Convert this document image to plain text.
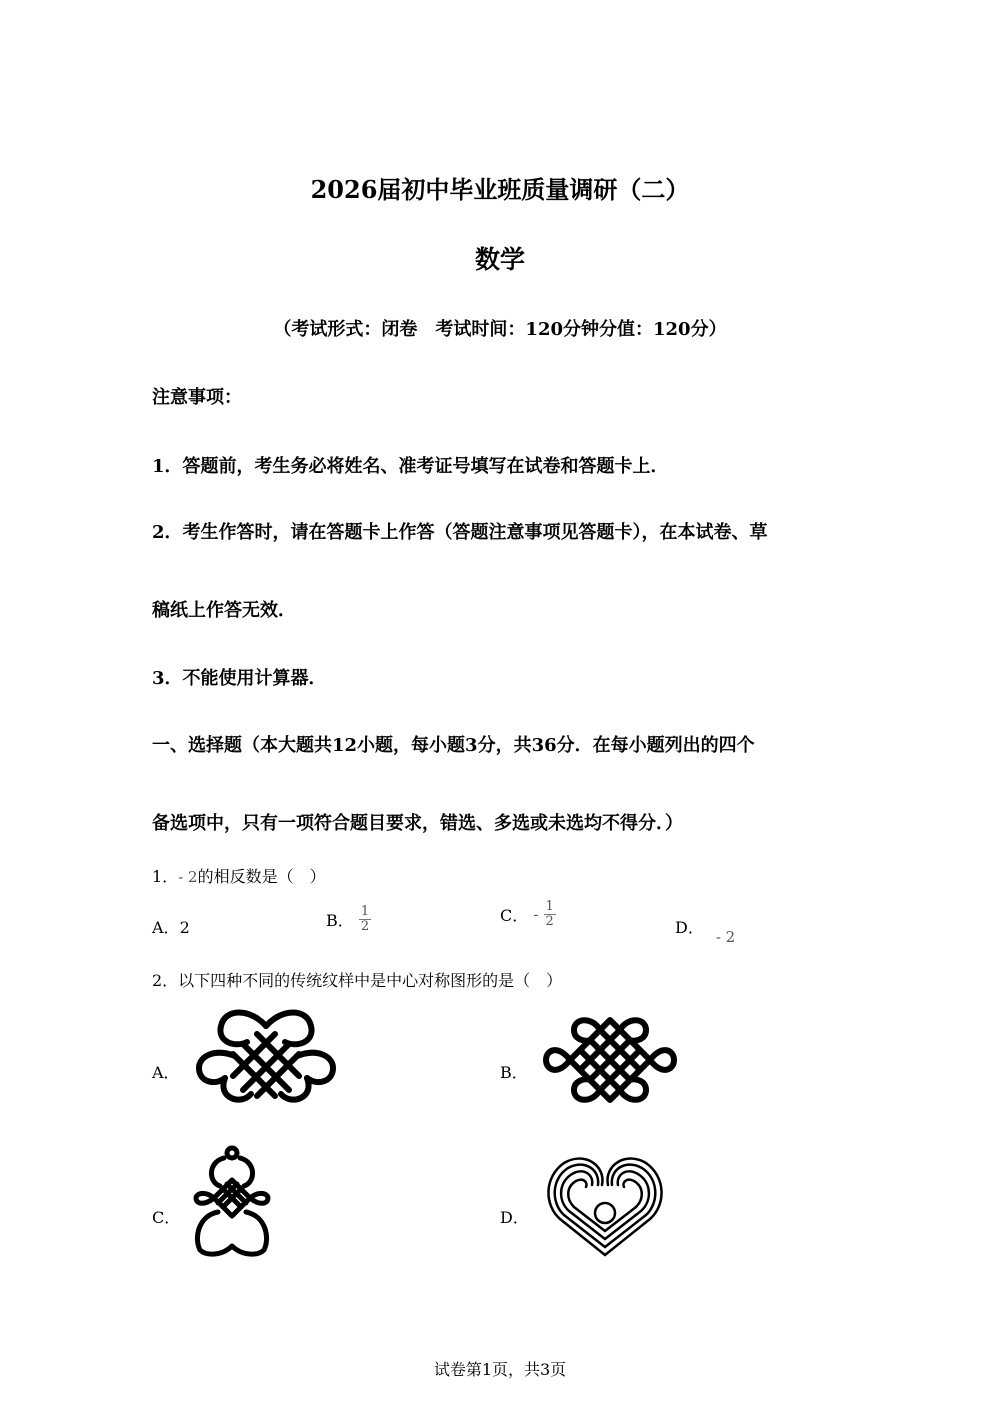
2026届初中毕业班质量调研（二）
数学
（考试形式：闭卷　考试时间：120分钟分值：120分）
注意事项：
1．答题前，考生务必将姓名、准考证号填写在试卷和答题卡上．
2．考生作答时，请在答题卡上作答（答题注意事项见答题卡），在本试卷、草
稿纸上作答无效．
3．不能使用计算器．
一、选择题（本大题共12小题，每小题3分，共36分．在每小题列出的四个
备选项中，只有一项符合题目要求，错选、多选或未选均不得分．）
1．- 2的相反数是（　）
A．2	B． $\frac{1}{2}$	C． - $\frac{1}{2}$	D． - 2
2．以下四种不同的传统纹样中是中心对称图形的是（　）
A．	B．
C．	D．
试卷第1页，共3页
